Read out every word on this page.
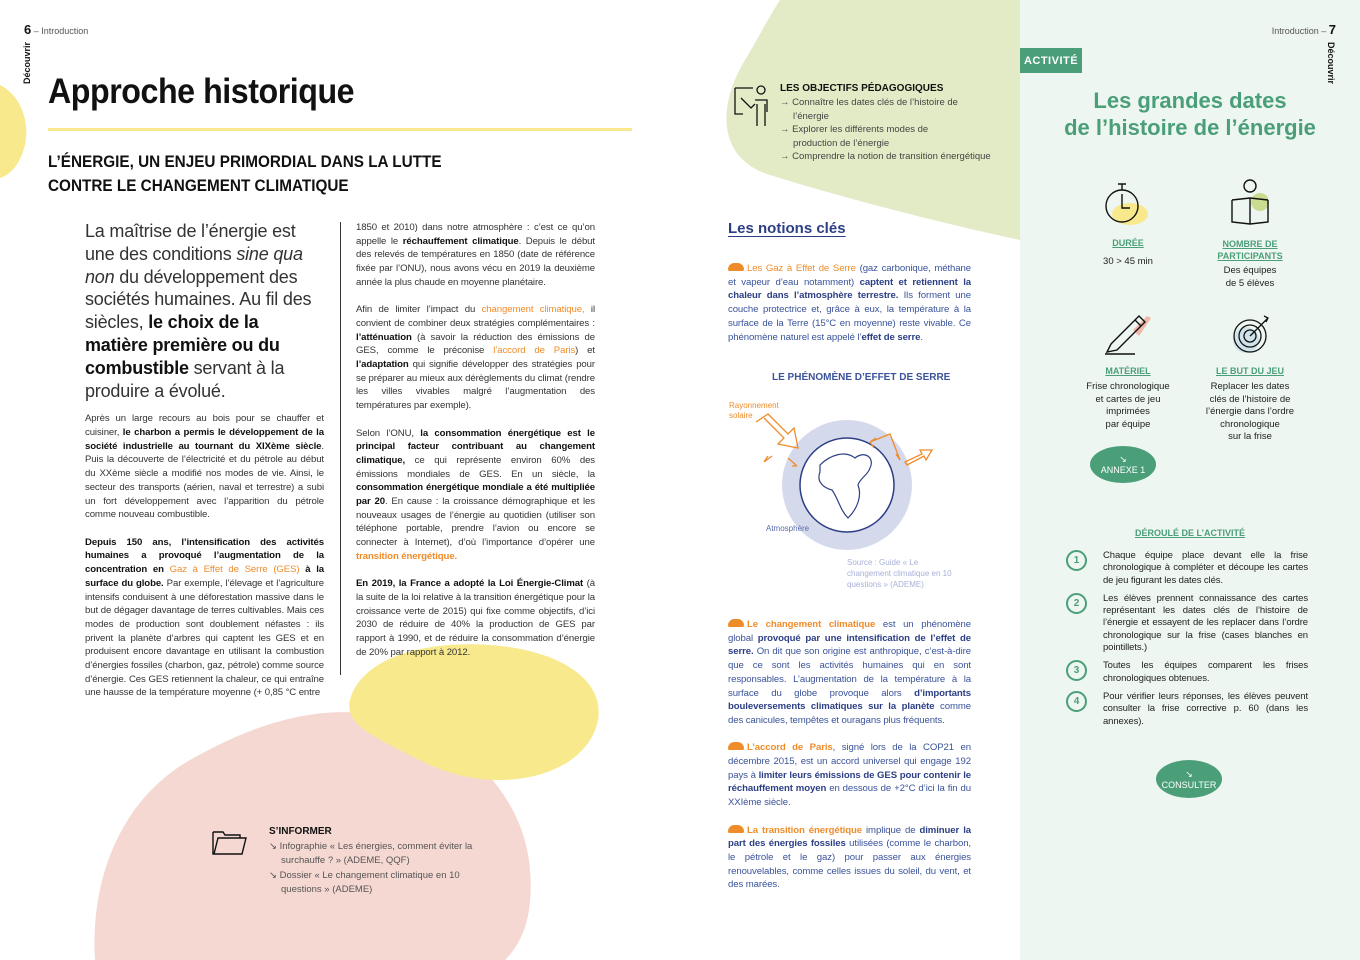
6 – Introduction
Découvrir
Approche historique
L’ÉNERGIE, UN ENJEU PRIMORDIAL DANS LA LUTTE
CONTRE LE CHANGEMENT CLIMATIQUE
La maîtrise de l’énergie est une des conditions sine qua non du développement des sociétés humaines. Au fil des siècles, le choix de la matière première ou du combustible servant à la produire a évolué.

Après un large recours au bois pour se chauffer et cuisiner, le charbon a permis le développement de la société industrielle au tournant du XIXème siècle. Puis la découverte de l’électricité et du pétrole au début du XXème siècle a modifié nos modes de vie. Ainsi, le secteur des transports (aérien, naval et terrestre) a subi un fort développement avec l’apparition du pétrole comme nouveau combustible.

Depuis 150 ans, l’intensification des activités humaines a provoqué l’augmentation de la concentration en Gaz à Effet de Serre (GES) à la surface du globe. Par exemple, l’élevage et l’agriculture intensifs conduisent à une déforestation massive dans le but de dégager davantage de terres cultivables. Mais ces modes de production sont doublement néfastes : ils privent la planète d’arbres qui captent les GES et en produisent encore davantage en utilisant la combustion d’énergies fossiles (charbon, gaz, pétrole) comme source d’énergie. Ces GES retiennent la chaleur, ce qui entraîne une hausse de la température moyenne (+ 0,85 °C entre

1850 et 2010) dans notre atmosphère : c’est ce qu’on appelle le réchauffement climatique. Depuis le début des relevés de températures en 1850 (date de référence fixée par l’ONU), nous avons vécu en 2019 la deuxième année la plus chaude en moyenne planétaire.

Afin de limiter l’impact du changement climatique, il convient de combiner deux stratégies complémentaires : l’atténuation (à savoir la réduction des émissions de GES, comme le préconise l’accord de Paris) et l’adaptation qui signifie développer des stratégies pour se préparer au mieux aux dérèglements du climat (rendre les villes vivables malgré l’augmentation des températures par exemple).

Selon l’ONU, la consommation énergétique est le principal facteur contribuant au changement climatique, ce qui représente environ 60% des émissions mondiales de GES. En un siècle, la consommation énergétique mondiale a été multipliée par 20. En cause : la croissance démographique et les nouveaux usages de l’énergie au quotidien (utiliser son téléphone portable, prendre l’avion ou encore se connecter à Internet), d’où l’importance d’opérer une transition énergétique.

En 2019, la France a adopté la Loi Énergie-Climat (à la suite de la loi relative à la transition énergétique pour la croissance verte de 2015) qui fixe comme objectifs, d’ici 2030 de réduire de 40% la production de GES par rapport à 1990, et de réduire la consommation d’énergie de 20% par rapport à 2012.

S’INFORMER
↘ Infographie « Les énergies, comment éviter la surchauffe ? » (ADEME, QQF)
↘ Dossier « Le changement climatique en 10 questions » (ADEME)
LES OBJECTIFS PÉDAGOGIQUES
→ Connaître les dates clés de l’histoire de l’énergie
→ Explorer les différents modes de production de l’énergie
→ Comprendre la notion de transition énergétique
Les notions clés

Les Gaz à Effet de Serre (gaz carbonique, méthane et vapeur d’eau notamment) captent et retiennent la chaleur dans l’atmosphère terrestre. Ils forment une couche protectrice et, grâce à eux, la température à la surface de la Terre (15°C en moyenne) reste vivable. Ce phénomène naturel est appelé l’effet de serre.

LE PHÉNOMÈNE D’EFFET DE SERRE
Rayonnement solaire
Atmosphère
Source : Guide « Le changement climatique en 10 questions » (ADEME)

Le changement climatique est un phénomène global provoqué par une intensification de l’effet de serre. On dit que son origine est anthropique, c’est-à-dire que ce sont les activités humaines qui en sont responsables. L’augmentation de la température à la surface du globe provoque alors d’importants bouleversements climatiques sur la planète comme des canicules, tempêtes et ouragans plus fréquents.

L’accord de Paris, signé lors de la COP21 en décembre 2015, est un accord universel qui engage 192 pays à limiter leurs émissions de GES pour contenir le réchauffement moyen en dessous de +2°C d’ici la fin du XXIème siècle.

La transition énergétique implique de diminuer la part des énergies fossiles utilisées (comme le charbon, le pétrole et le gaz) pour passer aux énergies renouvelables, comme celles issues du soleil, du vent, et des marées.

Introduction – 7
Découvrir
ACTIVITÉ
Les grandes dates
de l’histoire de l’énergie
DURÉE
30 > 45 min
NOMBRE DE
PARTICIPANTS
Des équipes
de 5 élèves
MATÉRIEL
Frise chronologique
et cartes de jeu
imprimées
par équipe
LE BUT DU JEU
Replacer les dates
clés de l’histoire de
l’énergie dans l’ordre
chronologique
sur la frise
↘
ANNEXE 1
DÉROULÉ DE L’ACTIVITÉ
1	Chaque équipe place devant elle la frise chronologique à compléter et découpe les cartes de jeu figurant les dates clés.
2	Les élèves prennent connaissance des cartes représentant les dates clés de l’histoire de l’énergie et essayent de les replacer dans l’ordre chronologique sur la frise (cases blanches en pointillets.)
3	Toutes les équipes comparent les frises chronologiques obtenues.
4	Pour vérifier leurs réponses, les élèves peuvent consulter la frise corrective p. 60 (dans les annexes).
↘
CONSULTER
